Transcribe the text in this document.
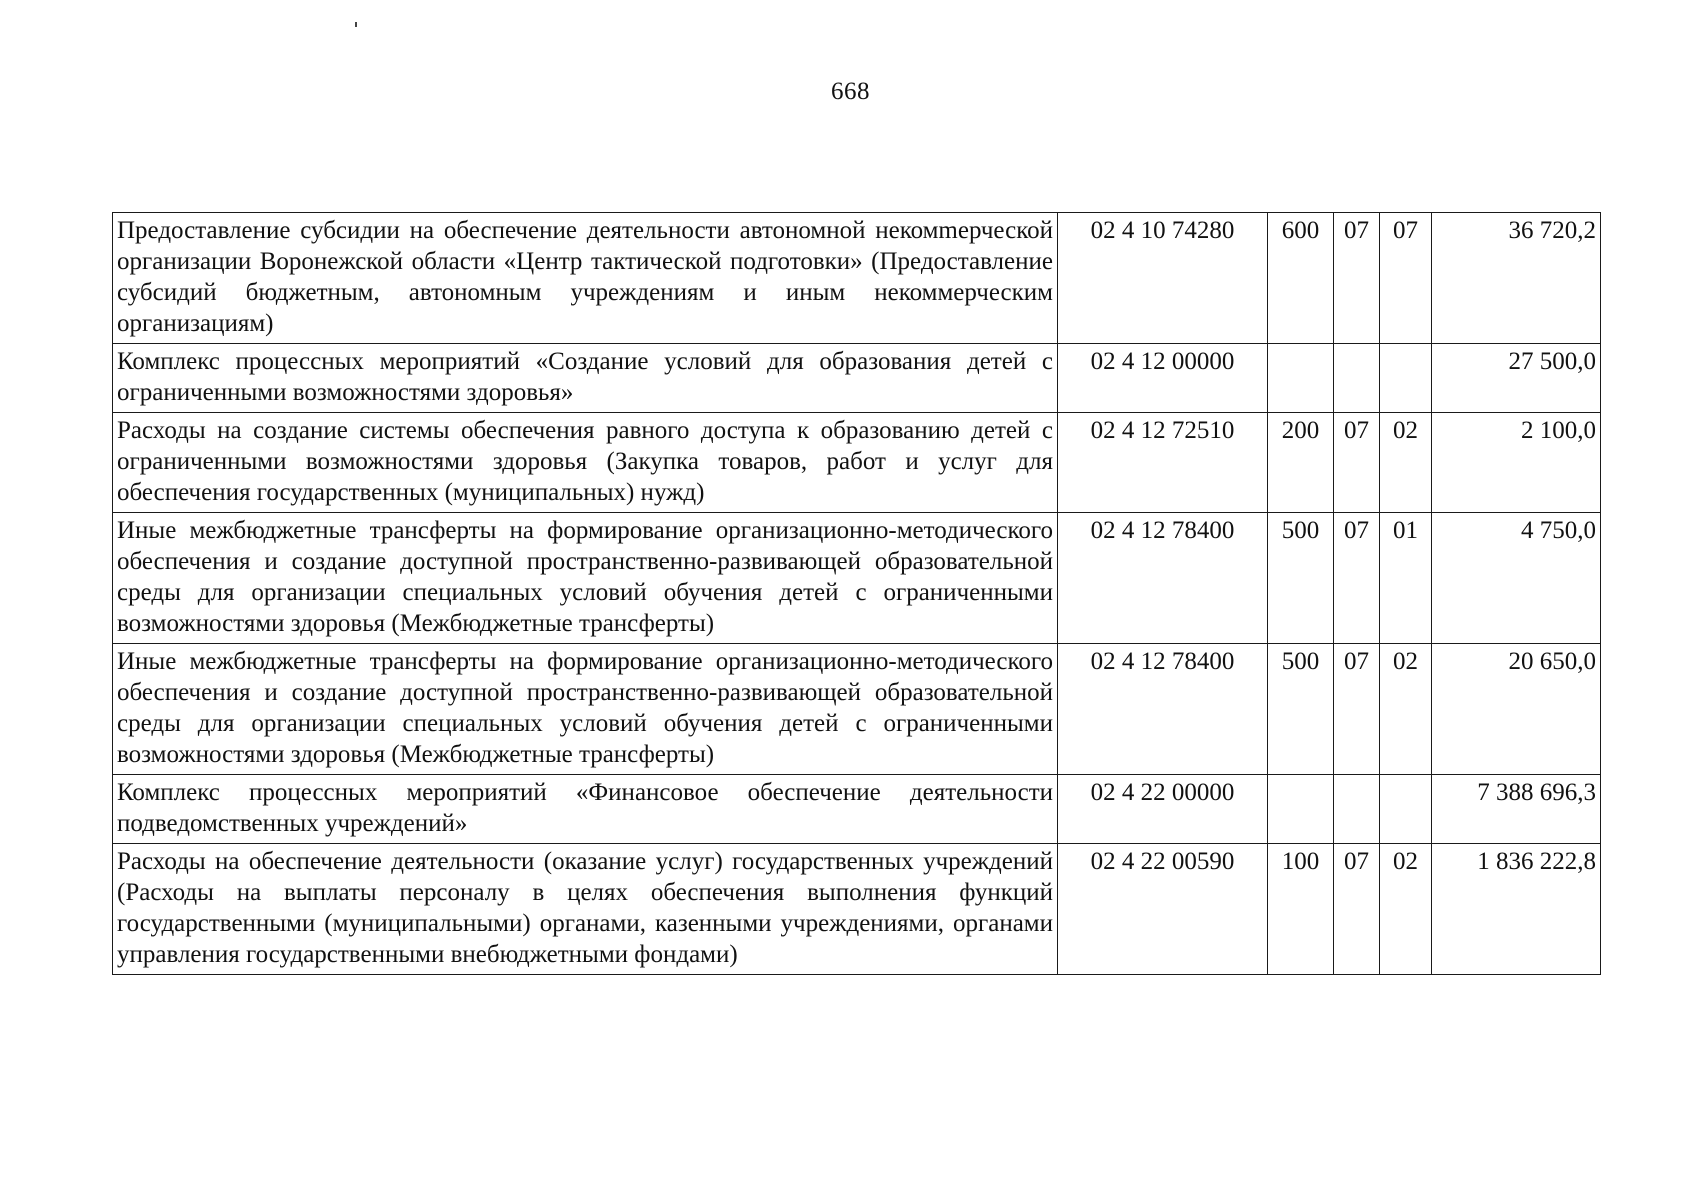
668
Предоставление субсидии на обеспечение деятельности автономной некомmерческой организации Воронежской области «Центр тактической подготовки» (Предоставление субсидий бюджетным, автономным учреждениям и иным некоммерческим организациям)	02 4 10 74280	600	07	07	36 720,2
Комплекс процессных мероприятий «Создание условий для образования детей с ограниченными возможностями здоровья»	02 4 12 00000				27 500,0
Расходы на создание системы обеспечения равного доступа к образованию детей с ограниченными возможностями здоровья (Закупка товаров, работ и услуг для обеспечения государственных (муниципальных) нужд)	02 4 12 72510	200	07	02	2 100,0
Иные межбюджетные трансферты на формирование организационно-методического обеспечения и создание доступной пространственно-развивающей образовательной среды для организации специальных условий обучения детей с ограниченными возможностями здоровья (Межбюджетные трансферты)	02 4 12 78400	500	07	01	4 750,0
Иные межбюджетные трансферты на формирование организационно-методического обеспечения и создание доступной пространственно-развивающей образовательной среды для организации специальных условий обучения детей с ограниченными возможностями здоровья (Межбюджетные трансферты)	02 4 12 78400	500	07	02	20 650,0
Комплекс процессных мероприятий «Финансовое обеспечение деятельности подведомственных учреждений»	02 4 22 00000				7 388 696,3
Расходы на обеспечение деятельности (оказание услуг) государственных учреждений (Расходы на выплаты персоналу в целях обеспечения выполнения функций государственными (муниципальными) органами, казенными учреждениями, органами управления государственными внебюджетными фондами)	02 4 22 00590	100	07	02	1 836 222,8
